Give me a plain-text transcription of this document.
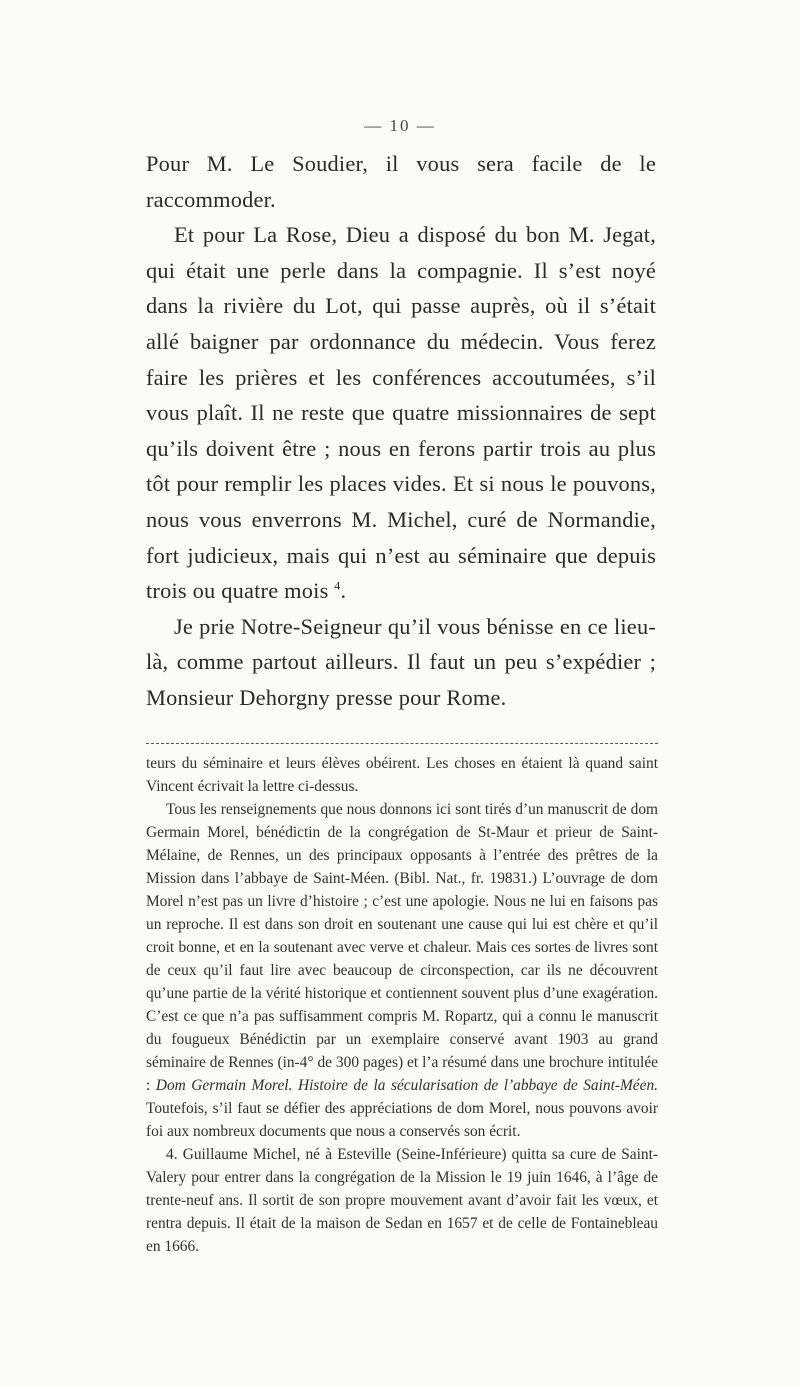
— 10 —

Pour M. Le Soudier, il vous sera facile de le raccommoder.

Et pour La Rose, Dieu a disposé du bon M. Jegat, qui était une perle dans la compagnie. Il s’est noyé dans la rivière du Lot, qui passe auprès, où il s’était allé baigner par ordonnance du médecin. Vous ferez faire les prières et les conférences accoutumées, s’il vous plaît. Il ne reste que quatre missionnaires de sept qu’ils doivent être ; nous en ferons partir trois au plus tôt pour remplir les places vides. Et si nous le pouvons, nous vous enverrons M. Michel, curé de Normandie, fort judicieux, mais qui n’est au séminaire que depuis trois ou quatre mois $^4$.

Je prie Notre-Seigneur qu’il vous bénisse en ce lieu-là, comme partout ailleurs. Il faut un peu s’expédier ; Monsieur Dehorgny presse pour Rome.

teurs du séminaire et leurs élèves obéirent. Les choses en étaient là quand saint Vincent écrivait la lettre ci-dessus.

Tous les renseignements que nous donnons ici sont tirés d’un manuscrit de dom Germain Morel, bénédictin de la congrégation de St-Maur et prieur de Saint-Mélaine, de Rennes, un des principaux opposants à l’entrée des prêtres de la Mission dans l’abbaye de Saint-Méen. (Bibl. Nat., fr. 19831.) L’ouvrage de dom Morel n’est pas un livre d’histoire ; c’est une apologie. Nous ne lui en faisons pas un reproche. Il est dans son droit en soutenant une cause qui lui est chère et qu’il croit bonne, et en la soutenant avec verve et chaleur. Mais ces sortes de livres sont de ceux qu’il faut lire avec beaucoup de circonspection, car ils ne découvrent qu’une partie de la vérité historique et contiennent souvent plus d’une exagération. C’est ce que n’a pas suffisamment compris M. Ropartz, qui a connu le manuscrit du fougueux Bénédictin par un exemplaire conservé avant 1903 au grand séminaire de Rennes (in-4° de 300 pages) et l’a résumé dans une brochure intitulée : Dom Germain Morel. Histoire de la sécularisation de l’abbaye de Saint-Méen. Toutefois, s’il faut se défier des appréciations de dom Morel, nous pouvons avoir foi aux nombreux documents que nous a conservés son écrit.

4. Guillaume Michel, né à Esteville (Seine-Inférieure) quitta sa cure de Saint-Valery pour entrer dans la congrégation de la Mission le 19 juin 1646, à l’âge de trente-neuf ans. Il sortit de son propre mouvement avant d’avoir fait les vœux, et rentra depuis. Il était de la maison de Sedan en 1657 et de celle de Fontainebleau en 1666.
